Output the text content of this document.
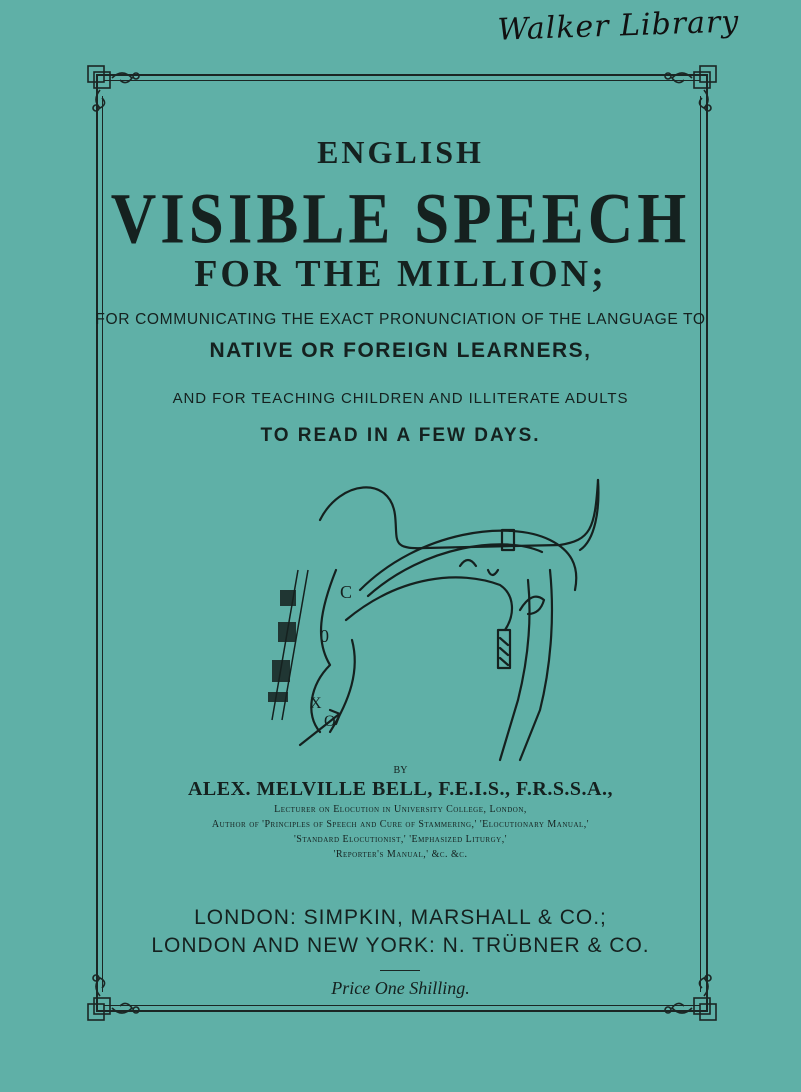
Walker Library
ENGLISH
VISIBLE SPEECH
FOR THE MILLION;
FOR COMMUNICATING THE EXACT PRONUNCIATION OF THE LANGUAGE TO
NATIVE OR FOREIGN LEARNERS,
AND FOR TEACHING CHILDREN AND ILLITERATE ADULTS
TO READ IN A FEW DAYS.
C
0
X
O
BY
ALEX. MELVILLE BELL, F.E.I.S., F.R.S.S.A.,
Lecturer on Elocution in University College, London,
Author of 'Principles of Speech and Cure of Stammering,' 'Elocutionary Manual,'
'Standard Elocutionist,' 'Emphasized Liturgy,'
'Reporter's Manual,' &c. &c.
LONDON: SIMPKIN, MARSHALL & CO.;
LONDON AND NEW YORK: N. TRÜBNER & CO.
Price One Shilling.
